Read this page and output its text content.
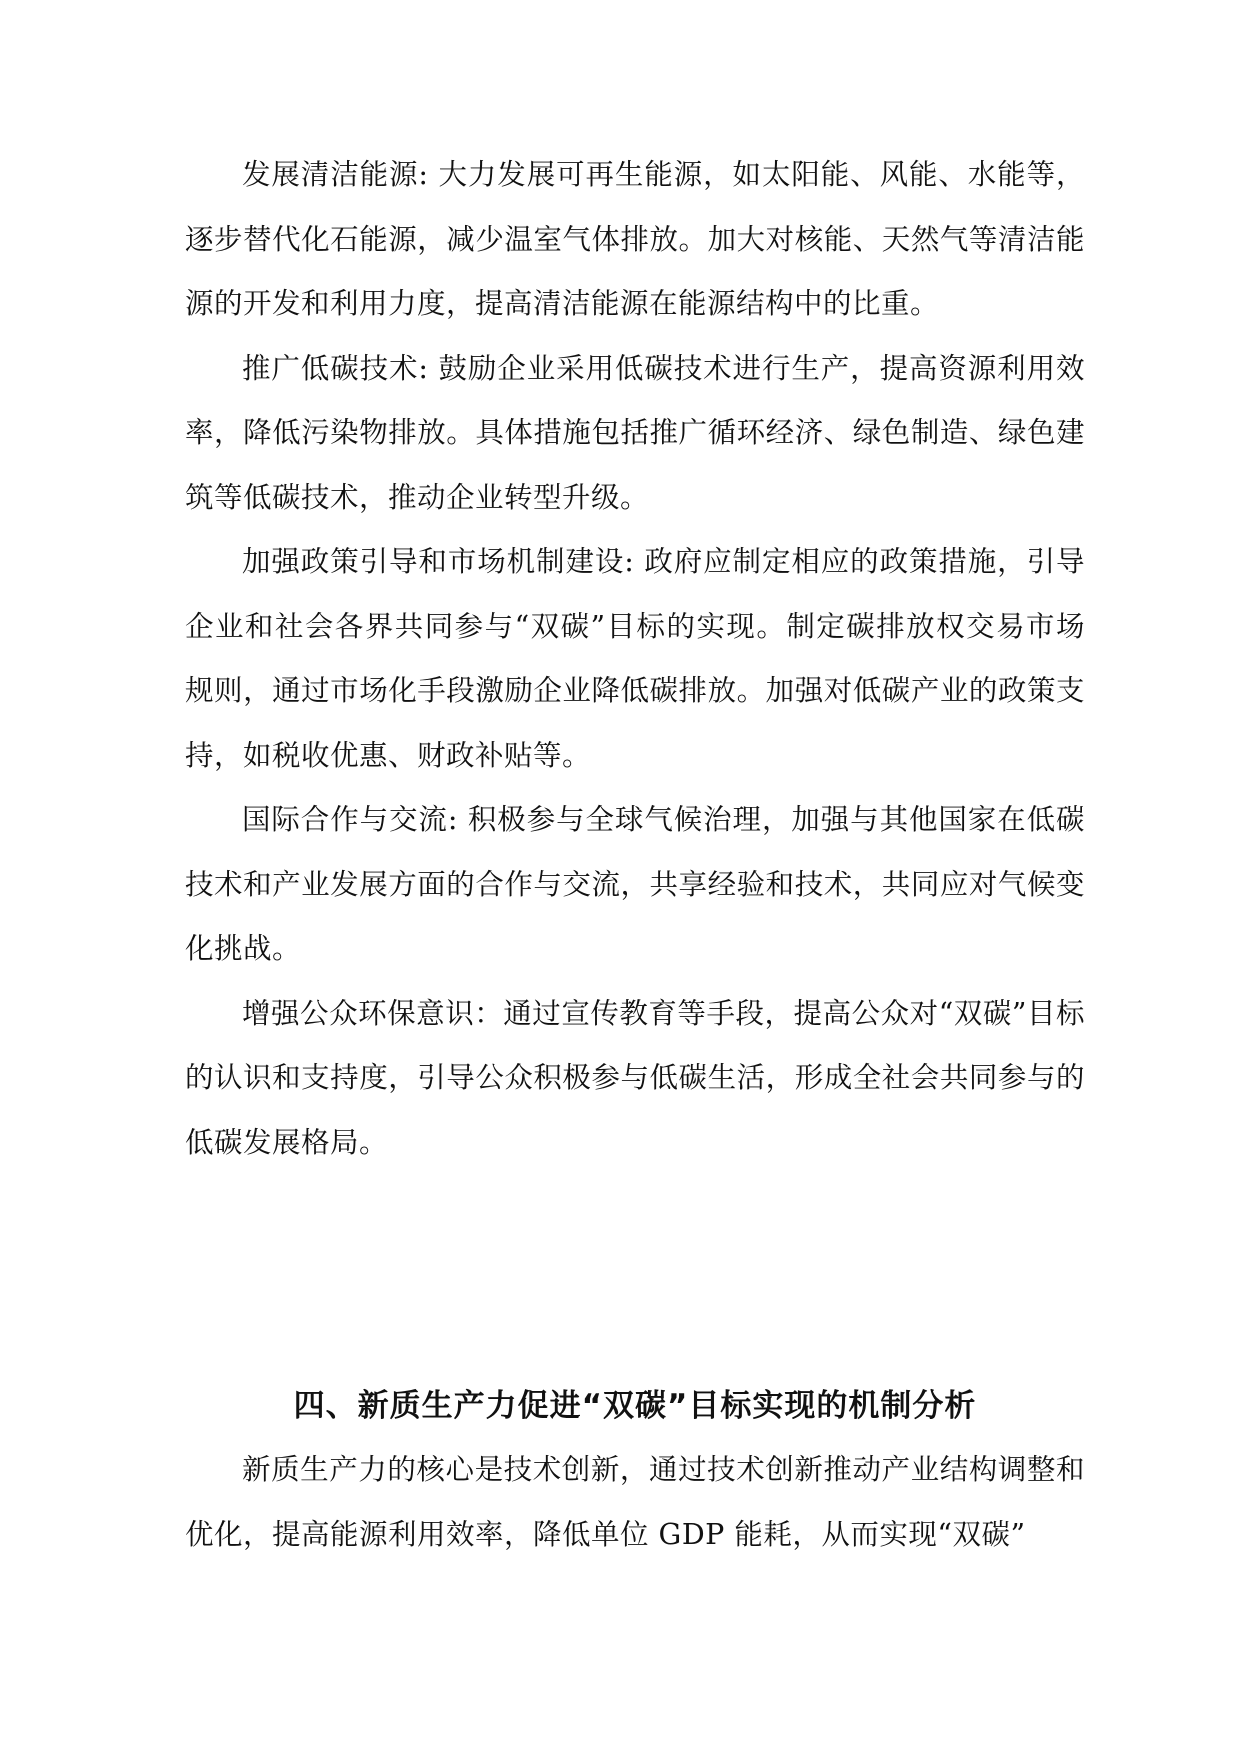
发展清洁能源: 大力发展可再生能源，如太阳能、风能、水能等，逐步替代化石能源，减少温室气体排放。加大对核能、天然气等清洁能源的开发和利用力度，提高清洁能源在能源结构中的比重。

推广低碳技术: 鼓励企业采用低碳技术进行生产，提高资源利用效率，降低污染物排放。具体措施包括推广循环经济、绿色制造、绿色建筑等低碳技术，推动企业转型升级。

加强政策引导和市场机制建设: 政府应制定相应的政策措施，引导企业和社会各界共同参与“双碳”目标的实现。制定碳排放权交易市场规则，通过市场化手段激励企业降低碳排放。加强对低碳产业的政策支持，如税收优惠、财政补贴等。

国际合作与交流: 积极参与全球气候治理，加强与其他国家在低碳技术和产业发展方面的合作与交流，共享经验和技术，共同应对气候变化挑战。

增强公众环保意识：通过宣传教育等手段，提高公众对“双碳”目标的认识和支持度，引导公众积极参与低碳生活，形成全社会共同参与的低碳发展格局。

四、新质生产力促进“双碳”目标实现的机制分析

新质生产力的核心是技术创新，通过技术创新推动产业结构调整和优化，提高能源利用效率，降低单位 GDP 能耗，从而实现“双碳”
